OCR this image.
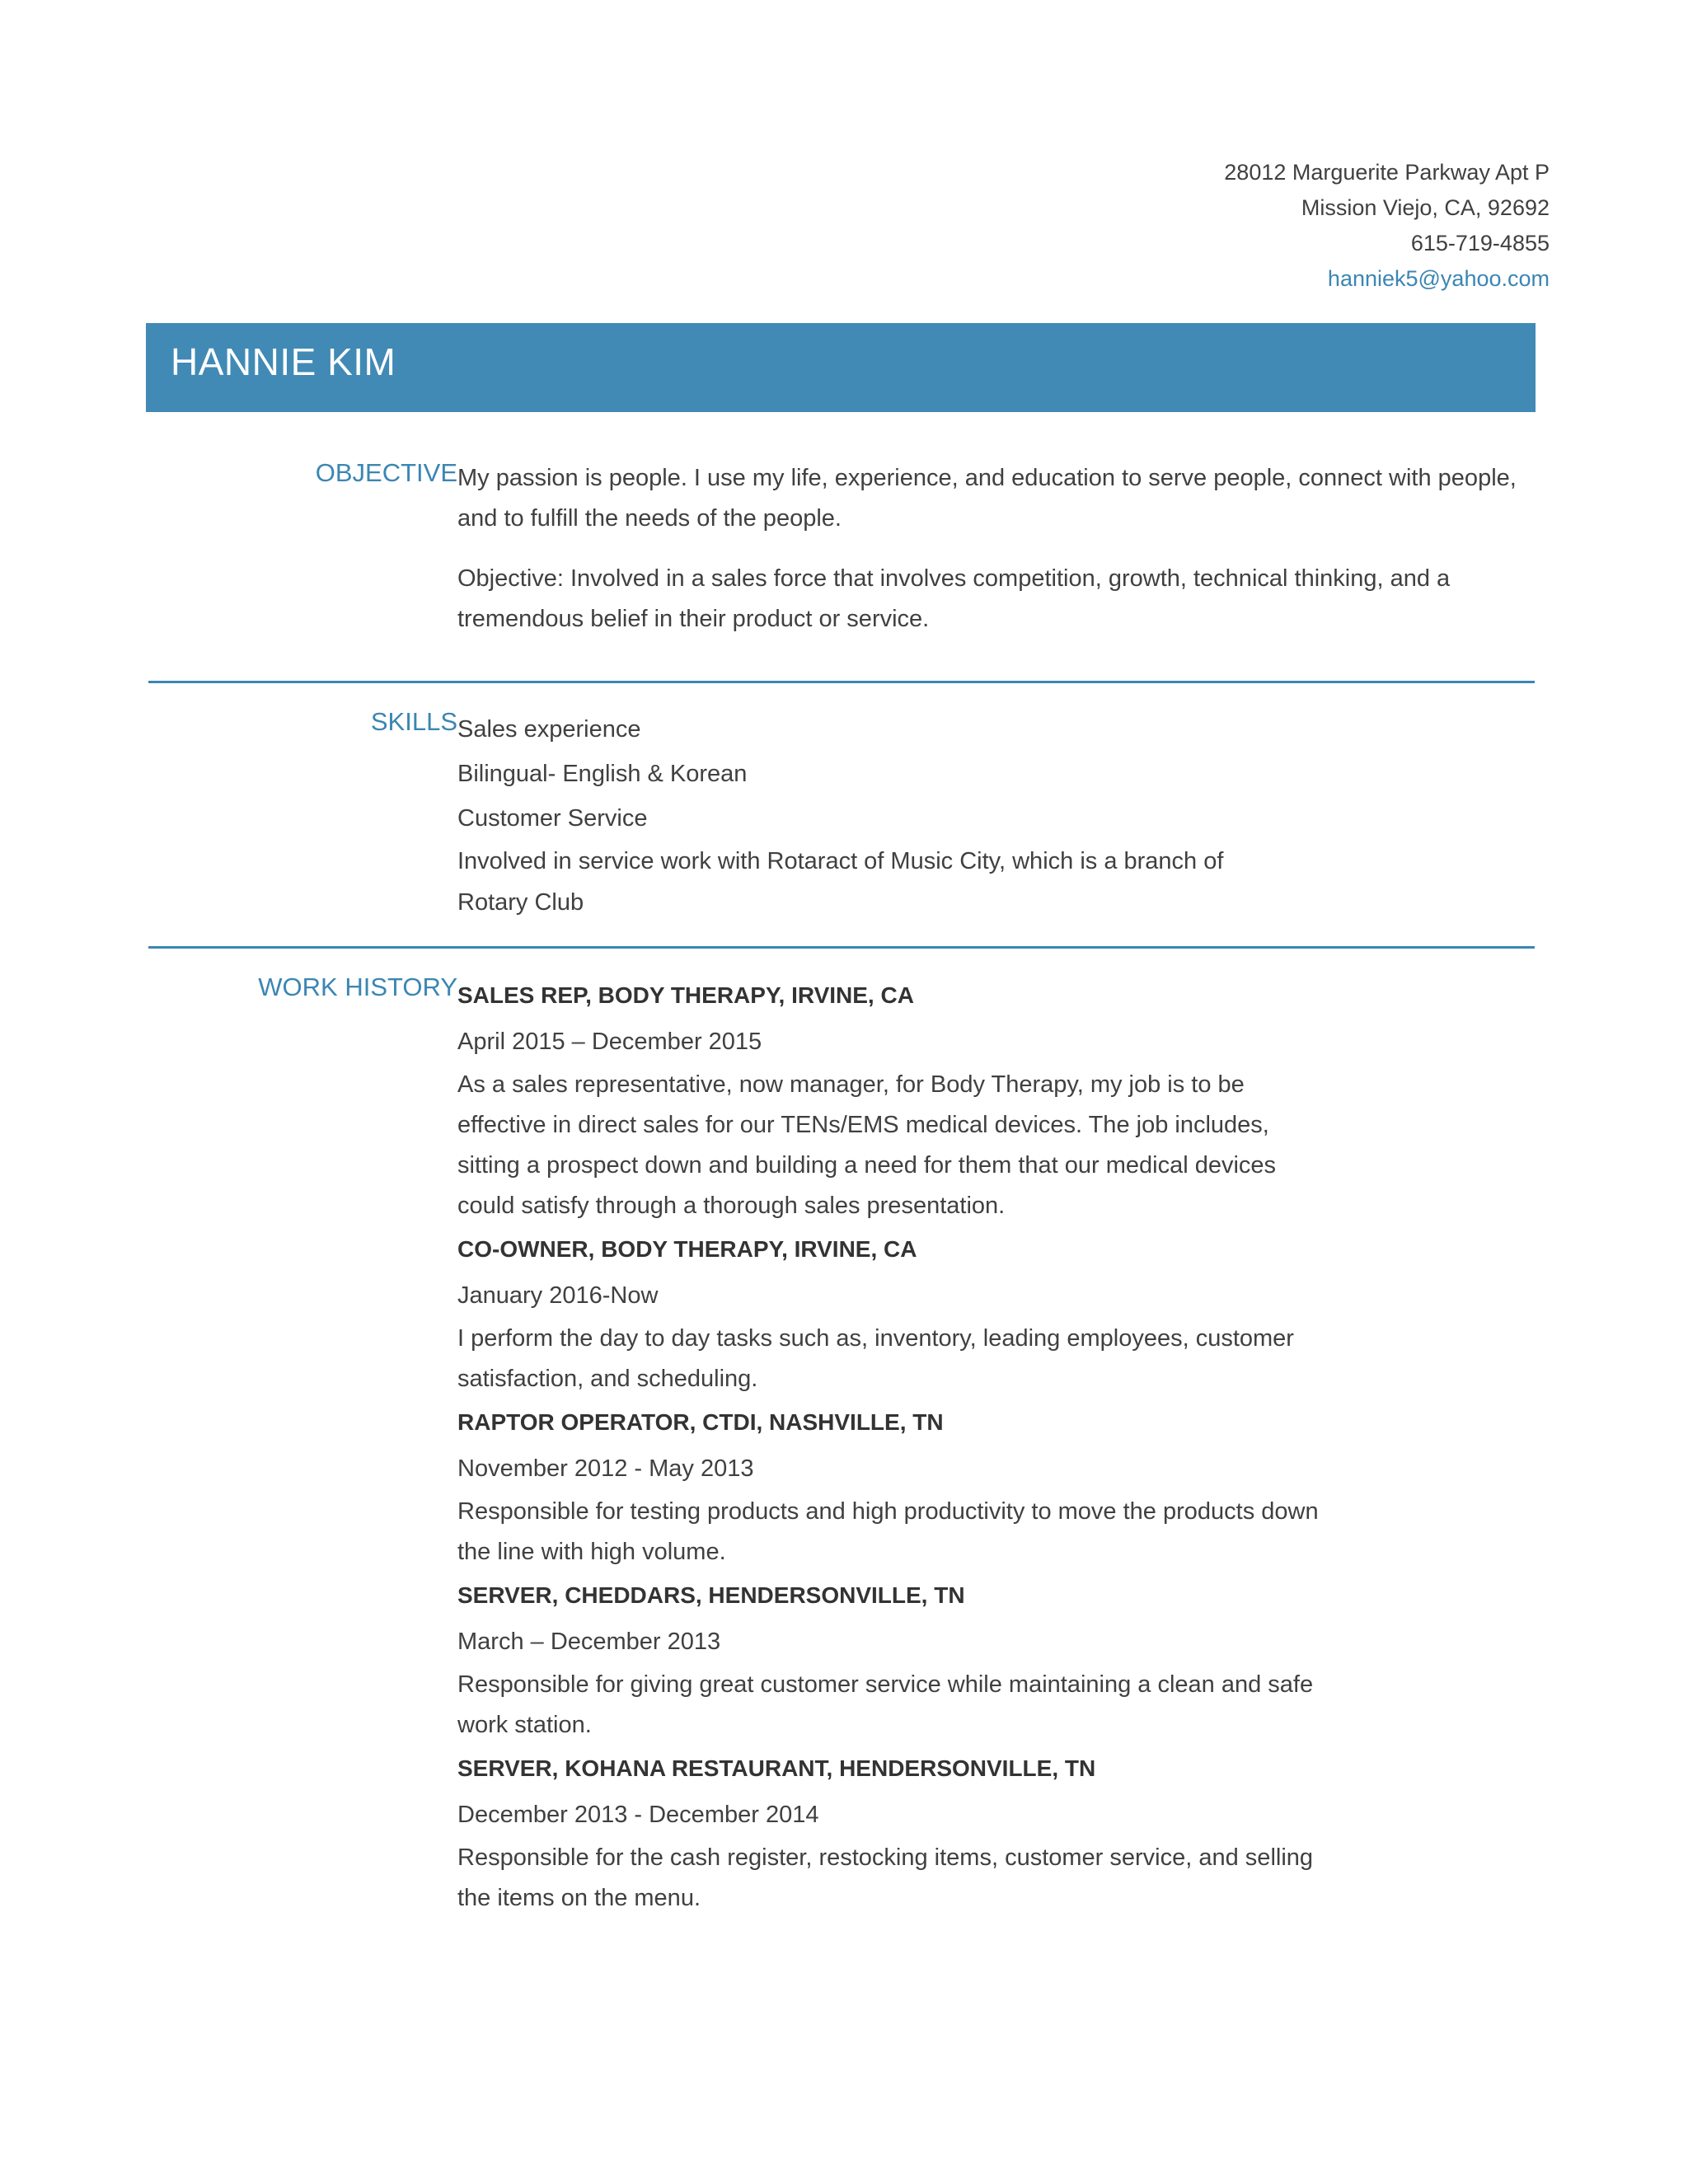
28012 Marguerite Parkway Apt P
Mission Viejo, CA, 92692
615-719-4855
hanniek5@yahoo.com
HANNIE KIM
OBJECTIVE My passion is people. I use my life, experience, and education to serve people, connect with people, and to fulfill the needs of the people.

Objective: Involved in a sales force that involves competition, growth, technical thinking, and a tremendous belief in their product or service.

SKILLS Sales experience
Bilingual- English & Korean
Customer Service
Involved in service work with Rotaract of Music City, which is a branch of Rotary Club
WORK HISTORY SALES REP, BODY THERAPY, IRVINE, CA
April 2015 – December 2015
As a sales representative, now manager, for Body Therapy, my job is to be effective in direct sales for our TENs/EMS medical devices. The job includes, sitting a prospect down and building a need for them that our medical devices could satisfy through a thorough sales presentation.
CO-OWNER, BODY THERAPY, IRVINE, CA
January 2016-Now
I perform the day to day tasks such as, inventory, leading employees, customer satisfaction, and scheduling.
RAPTOR OPERATOR, CTDI, NASHVILLE, TN
November 2012 - May 2013
Responsible for testing products and high productivity to move the products down the line with high volume.
SERVER, CHEDDARS, HENDERSONVILLE, TN
March – December 2013
Responsible for giving great customer service while maintaining a clean and safe work station.
SERVER, KOHANA RESTAURANT, HENDERSONVILLE, TN
December 2013 - December 2014
Responsible for the cash register, restocking items, customer service, and selling the items on the menu.
